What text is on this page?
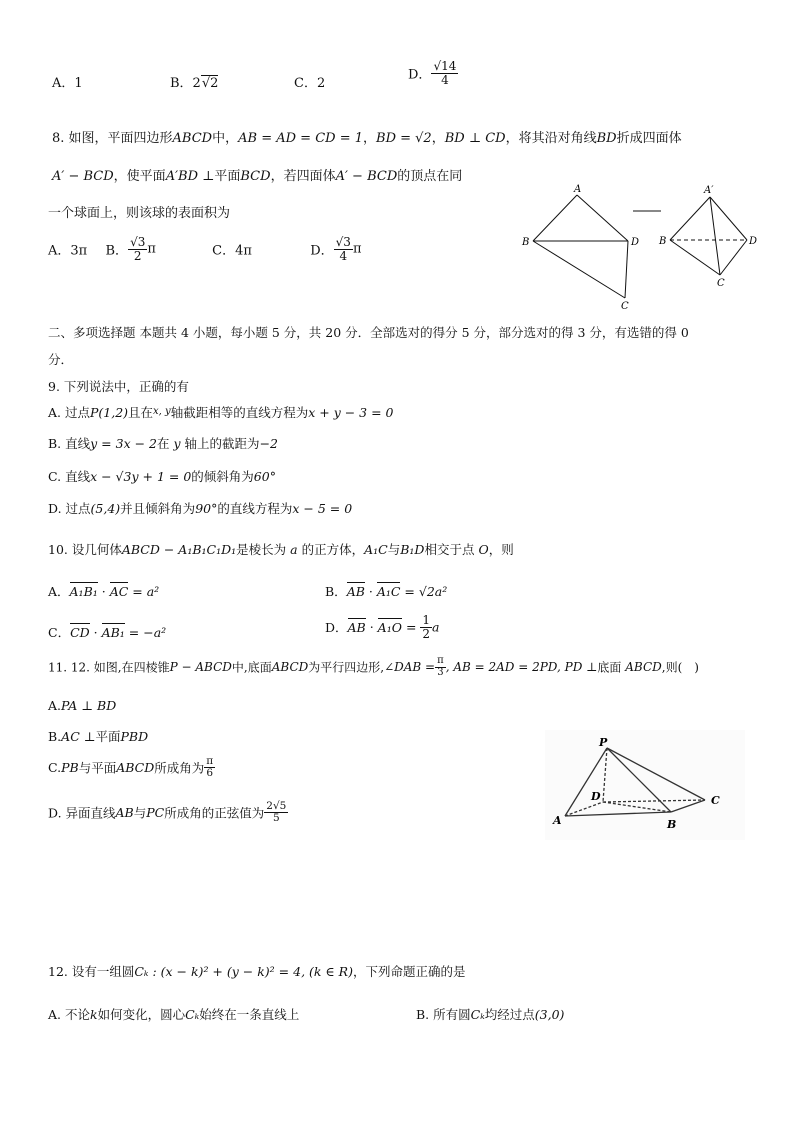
A．1	B．2√2	C．2
D． $\frac{√14}{4}$
8. 如图，平面四边形ABCD中，AB = AD = CD = 1，BD = √2，BD ⊥ CD，将其沿对角线BD折成四面体
A′ − BCD，使平面A′BD ⊥平面BCD，若四面体A′ − BCD的顶点在同
一个球面上，则该球的表面积为
A．3π B． $\frac{√3}{2}$ π	C．4π	D． $\frac{√3}{4}$ π
A
B	D
C
A′
B	D
C
二、多项选择题 本题共 4 小题，每小题 5 分，共 20 分．全部选对的得分 5 分，部分选对的得 3 分，有选错的得 0
分．
9. 下列说法中，正确的有
A. 过点P(1,2)且在$^{x, y}$轴截距相等的直线方程为x + y − 3 = 0
B. 直线y = 3x − 2在 y 轴上的截距为−2
C. 直线x − √3y + 1 = 0的倾斜角为60°
D. 过点(5,4)并且倾斜角为90°的直线方程为x − 5 = 0
10. 设几何体ABCD − A₁B₁C₁D₁是棱长为 a 的正方体，A₁C与B₁D相交于点 O，则
A．A₁B₁ · AC = a²	B．AB · A₁C = √2a²
C．CD · AB₁ = −a²	D．AB · $A_1O = \frac{1}{2}$ a
11. 12. 如图,在四棱锥P − ABCD中,底面ABCD为平行四边形,∠DAB = $\frac{\pi}{3}$ , AB = 2AD = 2PD, PD ⊥底面 ABCD,则(　)
A.PA ⊥ BD
B.AC ⊥平面PBD
C.PB与平面ABCD所成角为 $\frac{\pi}{6}$
D. 异面直线AB与PC所成角的正弦值为 $\frac{2√5}{5}$
P
D
A	B
C
12. 设有一组圆Cₖ : (x − k)² + (y − k)² = 4, (k ∈ R)，下列命题正确的是
A. 不论k如何变化，圆心Cₖ始终在一条直线上	B. 所有圆Cₖ均经过点(3,0)
